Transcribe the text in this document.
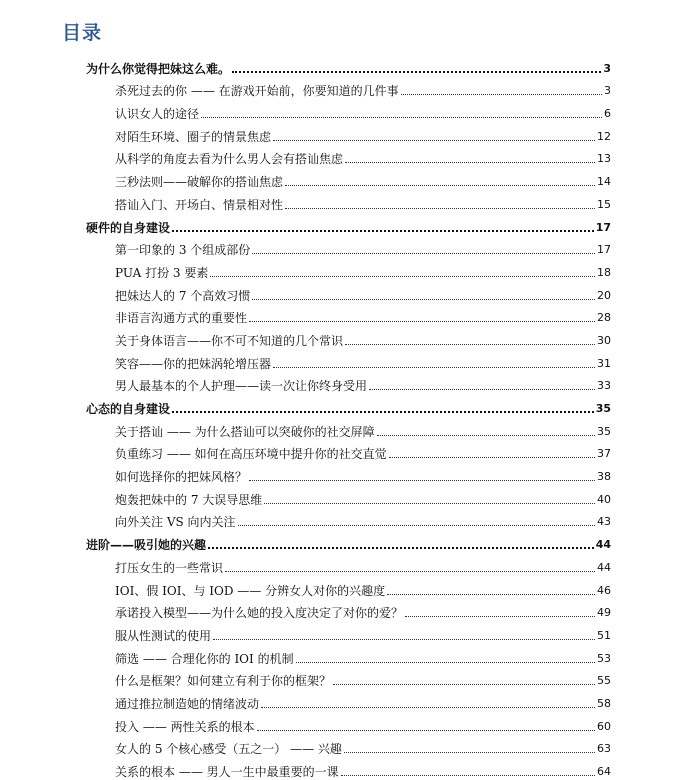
目录
为什么你觉得把妹这么难。	3
杀死过去的你 —— 在游戏开始前，你要知道的几件事	3
认识女人的途径	6
对陌生环境、圈子的情景焦虑	12
从科学的角度去看为什么男人会有搭讪焦虑	13
三秒法则——破解你的搭讪焦虑	14
搭讪入门、开场白、情景相对性	15
硬件的自身建设	17
第一印象的 3 个组成部份	17
PUA 打扮 3 要素	18
把妹达人的 7 个高效习惯	20
非语言沟通方式的重要性	28
关于身体语言——你不可不知道的几个常识	30
笑容——你的把妹涡轮增压器	31
男人最基本的个人护理——读一次让你终身受用	33
心态的自身建设	35
关于搭讪 —— 为什么搭讪可以突破你的社交屏障	35
负重练习 —— 如何在高压环境中提升你的社交直觉	37
如何选择你的把妹风格？	38
炮轰把妹中的 7 大误导思维	40
向外关注 VS 向内关注	43
进阶——吸引她的兴趣	44
打压女生的一些常识	44
IOI、假 IOI、与 IOD —— 分辨女人对你的兴趣度	46
承诺投入模型——为什么她的投入度决定了对你的爱？	49
服从性测试的使用	51
筛选 —— 合理化你的 IOI 的机制	53
什么是框架？如何建立有利于你的框架？	55
通过推拉制造她的情绪波动	58
投入 —— 两性关系的根本	60
女人的 5 个核心感受（五之一） —— 兴趣	63
关系的根本 —— 男人一生中最重要的一课	64
